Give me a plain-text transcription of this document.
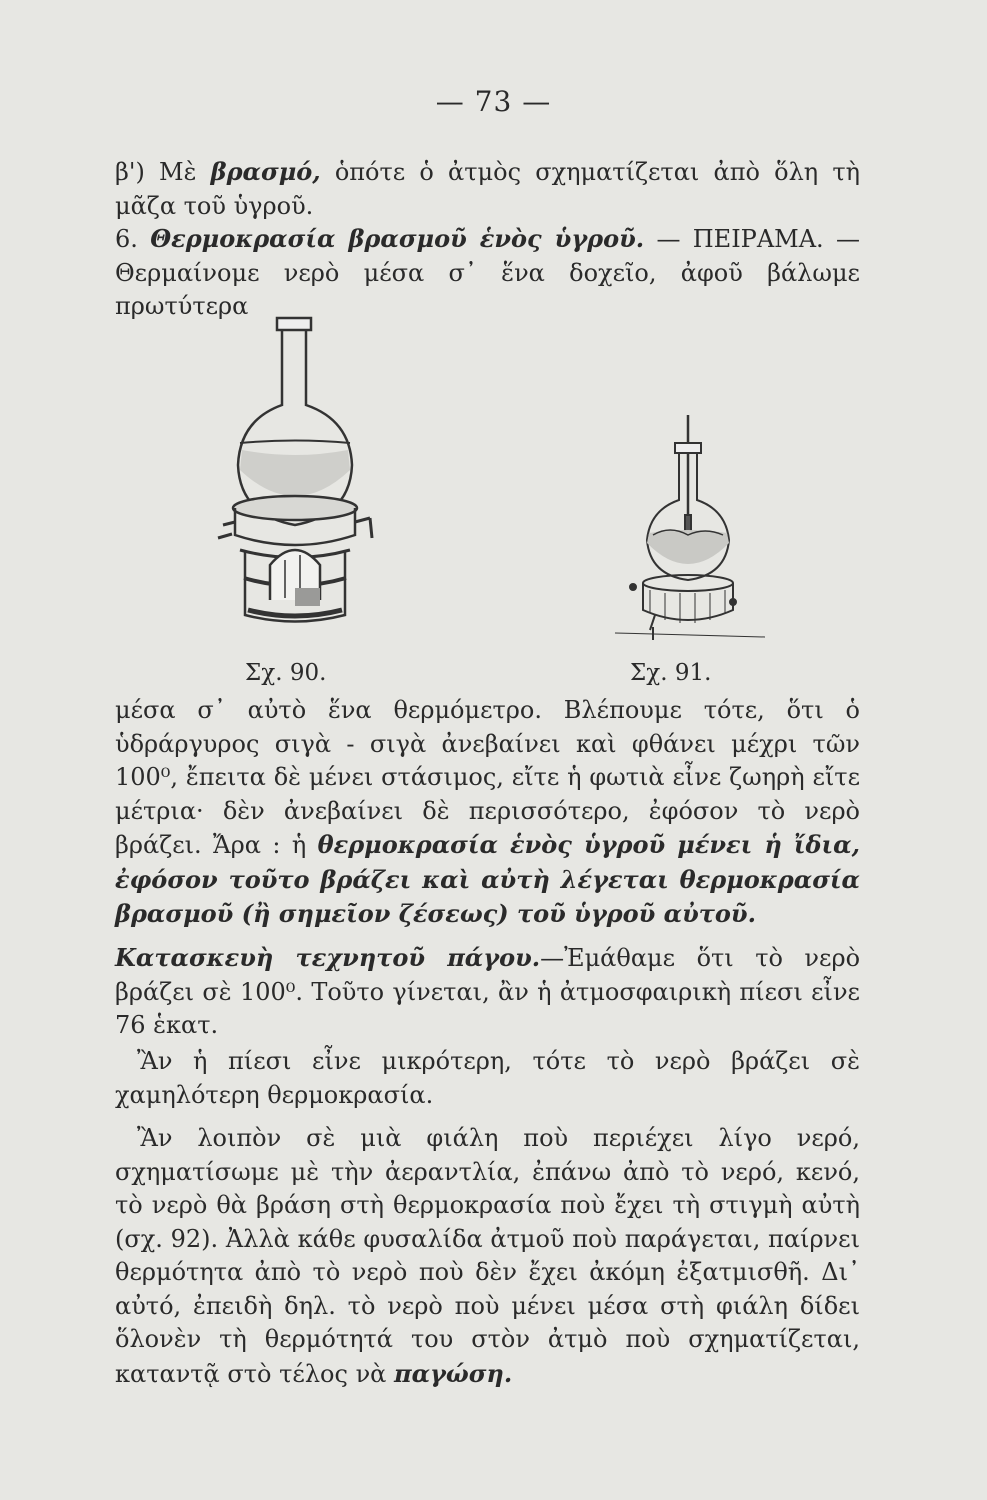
— 73 —

β') Μὲ βρασμό, ὁπότε ὁ ἀτμὸς σχηματίζεται ἀπὸ ὅλη τὴ μᾶζα τοῦ ὑγροῦ.

6. Θερμοκρασία βρασμοῦ ἑνὸς ὑγροῦ. — ΠΕΙΡΑΜΑ. — Θερμαίνομε νερὸ μέσα σ᾽ ἕνα δοχεῖο, ἀφοῦ βάλωμε πρωτύτερα

Σχ. 90.	Σχ. 91.

μέσα σ᾽ αὐτὸ ἕνα θερμόμετρο. Βλέπουμε τότε, ὅτι ὁ ὑδράργυρος σιγὰ - σιγὰ ἀνεβαίνει καὶ φθάνει μέχρι τῶν 100⁰, ἔπειτα δὲ μένει στάσιμος, εἴτε ἡ φωτιὰ εἶνε ζωηρὴ εἴτε μέτρια· δὲν ἀνεβαίνει δὲ περισσότερο, ἐφόσον τὸ νερὸ βράζει. Ἄρα : ἡ θερμοκρασία ἑνὸς ὑγροῦ μένει ἡ ἴδια, ἐφόσον τοῦτο βράζει καὶ αὐτὴ λέγεται θερμοκρασία βρασμοῦ (ἢ σημεῖον ζέσεως) τοῦ ὑγροῦ αὐτοῦ.

Κατασκευὴ τεχνητοῦ πάγου.—Ἐμάθαμε ὅτι τὸ νερὸ βράζει σὲ 100⁰. Τοῦτο γίνεται, ἂν ἡ ἀτμοσφαιρικὴ πίεσι εἶνε 76 ἑκατ.

Ἂν ἡ πίεσι εἶνε μικρότερη, τότε τὸ νερὸ βράζει σὲ χαμηλότερη θερμοκρασία.

Ἂν λοιπὸν σὲ μιὰ φιάλη ποὺ περιέχει λίγο νερό, σχηματίσωμε μὲ τὴν ἀεραντλία, ἐπάνω ἀπὸ τὸ νερό, κενό, τὸ νερὸ θὰ βράση στὴ θερμοκρασία ποὺ ἔχει τὴ στιγμὴ αὐτὴ (σχ. 92). Ἀλλὰ κάθε φυσαλίδα ἀτμοῦ ποὺ παράγεται, παίρνει θερμότητα ἀπὸ τὸ νερὸ ποὺ δὲν ἔχει ἀκόμη ἐξατμισθῆ. Δι᾽ αὐτό, ἐπειδὴ δηλ. τὸ νερὸ ποὺ μένει μέσα στὴ φιάλη δίδει ὅλονὲν τὴ θερμότητά του στὸν ἀτμὸ ποὺ σχηματίζεται, καταντᾷ στὸ τέλος νὰ παγώση.
